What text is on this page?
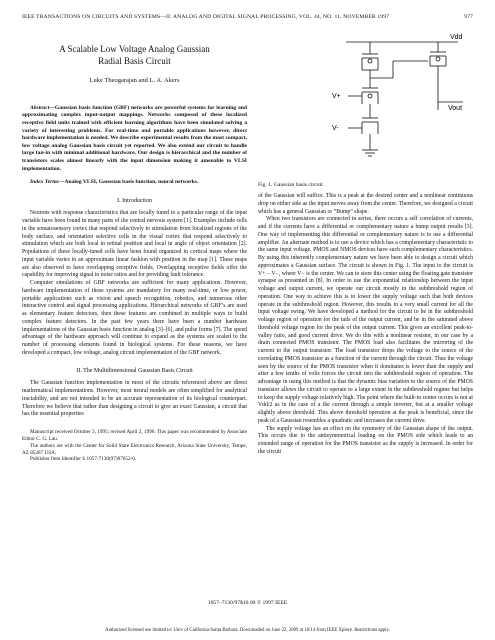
IEEE TRANSACTIONS ON CIRCUITS AND SYSTEMS—II: ANALOG AND DIGITAL SIGNAL PROCESSING, VOL. 44, NO. 11, NOVEMBER 1997	977
Vdd
Vout
V+
V-
Fig. 1. Gaussian basis circuit.
A Scalable Low Voltage Analog Gaussian
Radial Basis Circuit
Luke Theogarajan and L. A. Akers
Abstract—Gaussian basis function (GBF) networks are powerful systems for learning and approximating complex input-output mappings. Networks composed of these localized receptive field units trained with efficient learning algorithms have been simulated solving a variety of interesting problems. For real-time and portable applications however, direct hardware implementation is needed. We describe experimental results from the most compact, low voltage analog Gaussian basis circuit yet reported. We also extend our circuit to handle large fan-in with minimal additional hardware. Our design is hierarchical and the number of transistors scales almost linearly with the input dimension making it amenable to VLSI implementation.
Index Terms—Analog VLSI, Gaussian basis function, neural networks.
I. Introduction

Neurons with response characteristics that are locally tuned to a particular range of the input variable have been found in many parts of the central nervous system [1]. Examples include cells in the somatosensory cortex that respond selectively to stimulation from localized regions of the body surface, and orientation selective cells in the visual cortex that respond selectively to stimulation which are both local in retinal position and local in angle of object orientation [2]. Populations of these locally-tuned cells have been found organized in cortical maps where the input variable varies in an approximate linear fashion with position in the map [1]. These maps are also observed to have overlapping receptive fields. Overlapping receptive fields offer the capability for improving signal to noise ratios and for providing fault tolerance.

Computer simulations of GBF networks are sufficient for many applications. However, hardware implementation of these systems are mandatory for many real-time, or low power, portable applications such as vision and speech recognition, robotics, and numerous other interactive control and signal processing applications. Hierarchical networks of GBF’s are used as elementary feature detectors, then these features are combined in multiple ways to build complex feature detectors. In the past few years there have been a number hardware implementations of the Gaussian basis function in analog [3]–[6], and pulse forms [7]. The speed advantage of the hardware approach will continue to expand as the systems are scaled to the number of processing elements found in biological systems. For these reasons, we have developed a compact, low voltage, analog circuit implementation of the GBF network.

II. The Multidimensional Gaussian Basis Circuit

The Gaussian function implementation in most of the circuits referenced above are direct mathematical implementations. However, most neural models are often simplified for analytical tractability, and are not intended to be an accurate representation of its biological counterpart. Therefore we believe that rather than designing a circuit to give an exact Gaussian, a circuit that has the essential properties

Manuscript received October 3, 1995; revised April 2, 1996. This paper was recommended by Associate Editor C. G. Lau.

The authors are with the Center for Solid State Electronics Research, Arizona State University, Tempe, AZ 85287 USA.

Publisher Item Identifier S 1057-7130(97)07652-0.

of the Gaussian will suffice. This is a peak at the desired center and a nonlinear continuous drop on either side as the input moves away from the center. Therefore, we designed a circuit which has a general Gaussian or “Bump” shape.

When two transistors are connected in series, there occurs a self correlation of currents, and if the currents have a differential or complementary nature a bump output results [3]. One way of implementing this differential or complementary nature is to use a differential amplifier. An alternate method is to use a device which has a complementary characteristic to the same input voltage. PMOS and NMOS devices have such complementary characteristics. By using this inherently complementary nature we have been able to design a circuit which approximates a Gaussian surface. The circuit is shown in Fig. 1. The input to the circuit is V+ − V−, where V− is the center. We can to store this center using the floating gate transistor synapse as presented in [8]. In order to use the exponential relationship between the input voltage and output current, we operate our circuit mostly in the subthreshold region of operation. One way to achieve this is to lower the supply voltage such that both devices operate in the subthreshold region. However, this results in a very small current for all the input voltage swing. We have developed a method for the circuit to be in the subthreshold voltage region of operation for the tails of the output current, and be in the saturated above threshold voltage region for the peak of the output current. This gives an excellent peak-to-valley ratio, and good current drive. We do this with a nonlinear resistor, in our case by a drain connected PMOS transistor. The PMOS load also facilitates the mirroring of the current to the output transistor. The load transistor drops the voltage to the source of the correlating PMOS transistor as a function of the current through the circuit. Thus the voltage seen by the source of the PMOS transistor when it dominates is lower than the supply and after a few tenths of volts forces the circuit into the subthreshold region of operation. The advantage in using this method is that the dynamic bias variation to the source of the PMOS transistor allows the circuit to operate to a large extent in the subthreshold regime but helps to keep the supply voltage relatively high. The point where the built-in center occurs is not at Vdd/2 as in the case of a the current through a simple inverter, but at a smaller voltage slightly above threshold. This above threshold operation at the peak is beneficial, since the peak of a Gaussian resembles a quadratic and increases the current drive.

The supply voltage has an effect on the symmetry of the Gaussian shape of the output. This occurs due to the antisymmetrical loading on the PMOS side which leads to an extended range of operation for the PMOS transistor as the supply is increased. In order for the circuit

1057–7130/97$10.00 © 1997 IEEE
Authorized licensed use limited to: Univ of California-Santa Barbara. Downloaded on June 22, 2009 at 18:14 from IEEE Xplore. Restrictions apply.
